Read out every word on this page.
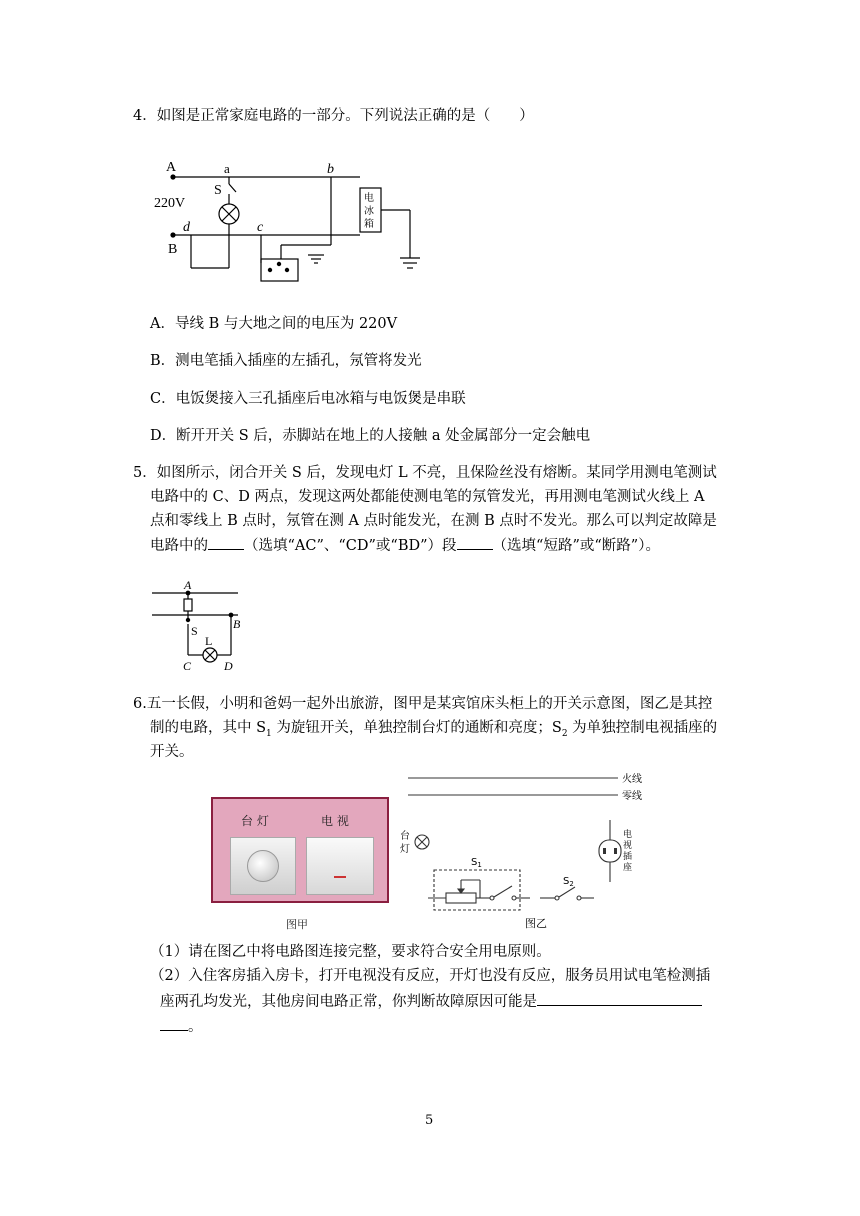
4．如图是正常家庭电路的一部分。下列说法正确的是（　　）
A	a	b
S
220V
d	c
B
电
冰
箱
A．导线 B 与大地之间的电压为 220V
B．测电笔插入插座的左插孔，氖管将发光
C．电饭煲接入三孔插座后电冰箱与电饭煲是串联
D．断开开关 S 后，赤脚站在地上的人接触 a 处金属部分一定会触电
5．如图所示，闭合开关 S 后，发现电灯 L 不亮，且保险丝没有熔断。某同学用测电笔测试
电路中的 C、D 两点，发现这两处都能使测电笔的氖管发光，再用测电笔测试火线上 A
点和零线上 B 点时，氖管在测 A 点时能发光，在测 B 点时不发光。那么可以判定故障是
电路中的 （选填“AC”、“CD”或“BD”）段 （选填“短路”或“断路”）。
A
S
L
B
C	D
6.五一长假，小明和爸妈一起外出旅游，图甲是某宾馆床头柜上的开关示意图，图乙是其控
制的电路，其中 $S_1$ 为旋钮开关，单独控制台灯的通断和亮度；$S_2$ 为单独控制电视插座的
开关。
台 灯	电 视
图甲
火线
零线
台
灯
电
视
插
座
$S_1$
$S_2$
图乙
（1）请在图乙中将电路图连接完整，要求符合安全用电原则。
（2）入住客房插入房卡，打开电视没有反应，开灯也没有反应，服务员用试电笔检测插
座两孔均发光，其他房间电路正常，你判断故障原因可能是
。
5
